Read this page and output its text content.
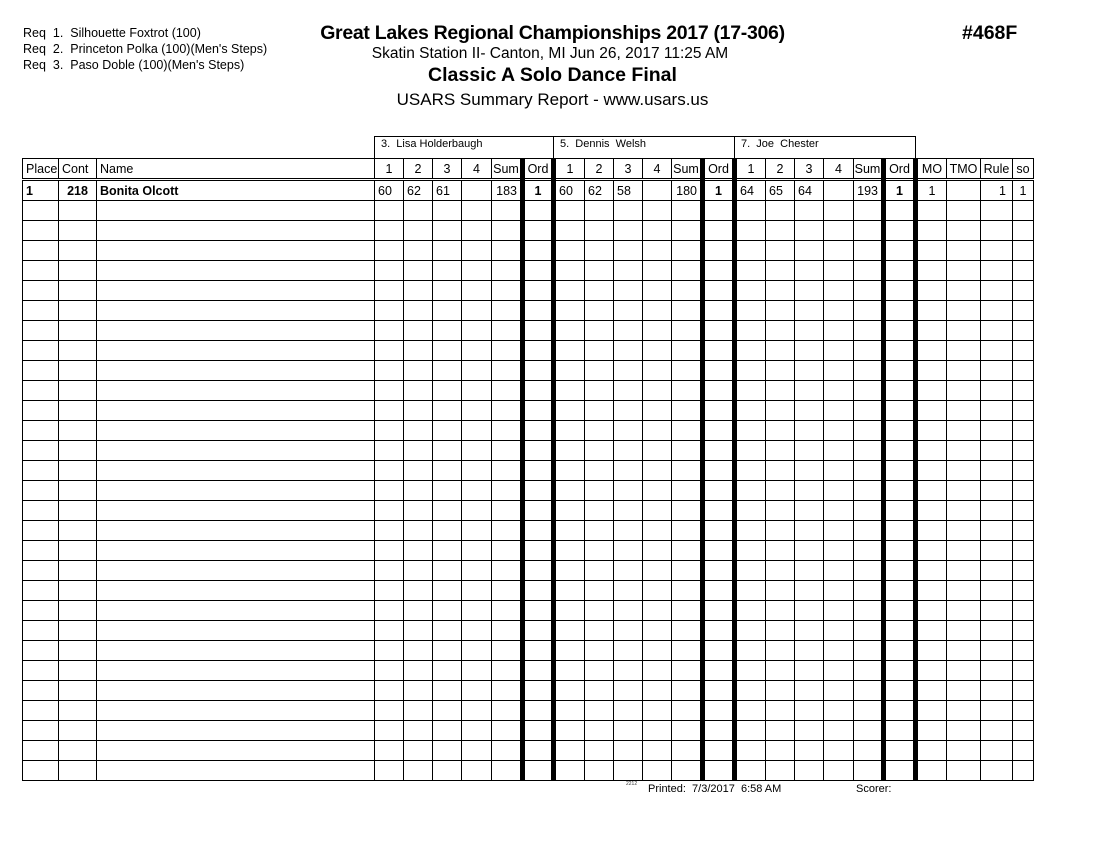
Req  1.  Silhouette Foxtrot (100)
Req  2.  Princeton Polka (100)(Men's Steps)
Req  3.  Paso Doble (100)(Men's Steps)
Great Lakes Regional Championships 2017 (17-306)
Skatin Station II- Canton, MI Jun 26, 2017 11:25 AM
Classic A Solo Dance Final
USARS Summary Report - www.usars.us
#468F
3.  Lisa Holderbaugh	5.  Dennis  Welsh	7.  Joe  Chester
Place	Cont	Name	1	2	3	4	Sum	Ord	1	2	3	4	Sum	Ord	1	2	3	4	Sum	Ord	MO	TMO	Rule	so
1	218	Bonita Olcott	60	62	61		183	1	60	62	58		180	1	64	65	64		193	1	1		1	1

2212 Printed:  7/3/2017  6:58 AM	Scorer:
